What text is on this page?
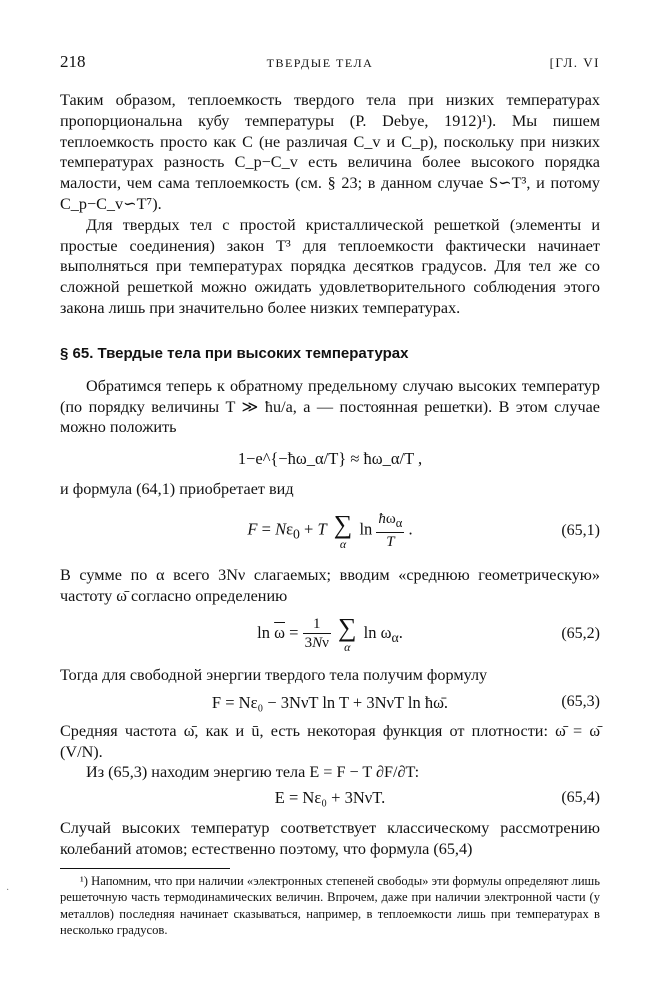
218	ТВЕРДЫЕ ТЕЛА	[ГЛ. VI

Таким образом, теплоемкость твердого тела при низких температурах пропорциональна кубу температуры (P. Debye, 1912)¹). Мы пишем теплоемкость просто как C (не различая C_v и C_p), поскольку при низких температурах разность C_p−C_v есть величина более высокого порядка малости, чем сама теплоемкость (см. § 23; в данном случае S∽T³, и потому C_p−C_v∽T⁷).

Для твердых тел с простой кристаллической решеткой (элементы и простые соединения) закон T³ для теплоемкости фактически начинает выполняться при температурах порядка десятков градусов. Для тел же со сложной решеткой можно ожидать удовлетворительного соблюдения этого закона лишь при значительно более низких температурах.

§ 65. Твердые тела при высоких температурах

Обратимся теперь к обратному предельному случаю высоких температур (по порядку величины T ≫ ħu/a, a — постоянная решетки). В этом случае можно положить

1−e^{−ħω_α/T} ≈ ħω_α/T ,

и формула (64,1) приобретает вид

$F = N\varepsilon_0 + T$ ∑
α
$\ln \frac{ħ\omega_\alpha}{T}$ .	(65,1)

В сумме по α всего 3Nν слагаемых; вводим «среднюю геометрическую» частоту ω̄ согласно определению

$\ln \overline{\omega} = \frac{1}{3N\nu}$
∑
α
$\ln \omega_\alpha$.	(65,2)

Тогда для свободной энергии твердого тела получим формулу

F = Nε₀ − 3NνT ln T + 3NνT ln ħω̄.	(65,3)

Средняя частота ω̄, как и ū, есть некоторая функция от плотности: ω̄ = ω̄ (V/N).

Из (65,3) находим энергию тела E = F − T ∂F/∂T:

E = Nε₀ + 3NνT.	(65,4)

Случай высоких температур соответствует классическому рассмотрению колебаний атомов; естественно поэтому, что формула (65,4)

¹) Напомним, что при наличии «электронных степеней свободы» эти формулы определяют лишь решеточную часть термодинамических величин. Впрочем, даже при наличии электронной части (у металлов) последняя начинает сказываться, например, в теплоемкости лишь при температурах в несколько градусов.

·
